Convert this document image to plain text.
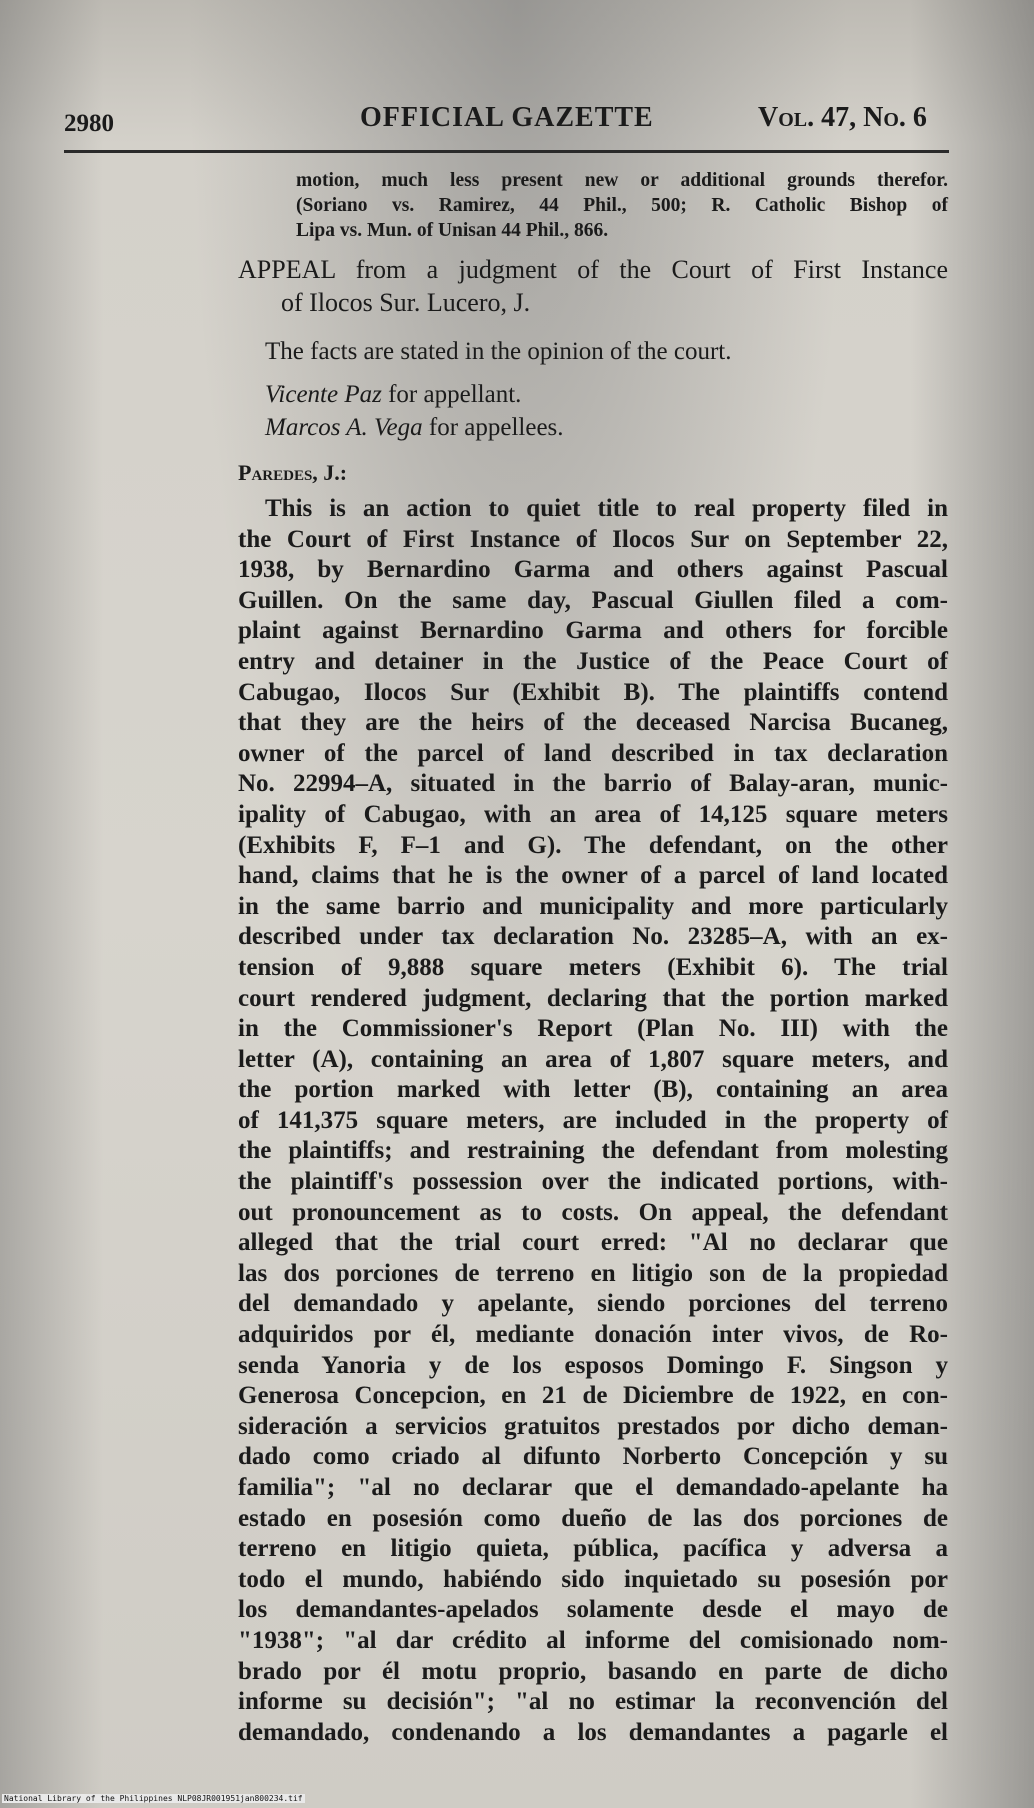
2980	OFFICIAL GAZETTE	Vol. 47, No. 6
motion, much less present new or additional grounds therefor.
(Soriano vs. Ramirez, 44 Phil., 500; R. Catholic Bishop of
Lipa vs. Mun. of Unisan 44 Phil., 866.
APPEAL from a judgment of the Court of First Instance
of Ilocos Sur. Lucero, J.
The facts are stated in the opinion of the court.
Vicente Paz for appellant.
Marcos A. Vega for appellees.
Paredes, J.:
This is an action to quiet title to real property filed in
the Court of First Instance of Ilocos Sur on September 22,
1938, by Bernardino Garma and others against Pascual
Guillen. On the same day, Pascual Giullen filed a com-
plaint against Bernardino Garma and others for forcible
entry and detainer in the Justice of the Peace Court of
Cabugao, Ilocos Sur (Exhibit B). The plaintiffs contend
that they are the heirs of the deceased Narcisa Bucaneg,
owner of the parcel of land described in tax declaration
No. 22994–A, situated in the barrio of Balay-aran, munic-
ipality of Cabugao, with an area of 14,125 square meters
(Exhibits F, F–1 and G). The defendant, on the other
hand, claims that he is the owner of a parcel of land located
in the same barrio and municipality and more particularly
described under tax declaration No. 23285–A, with an ex-
tension of 9,888 square meters (Exhibit 6). The trial
court rendered judgment, declaring that the portion marked
in the Commissioner's Report (Plan No. III) with the
letter (A), containing an area of 1,807 square meters, and
the portion marked with letter (B), containing an area
of 141,375 square meters, are included in the property of
the plaintiffs; and restraining the defendant from molesting
the plaintiff's possession over the indicated portions, with-
out pronouncement as to costs. On appeal, the defendant
alleged that the trial court erred: "Al no declarar que
las dos porciones de terreno en litigio son de la propiedad
del demandado y apelante, siendo porciones del terreno
adquiridos por él, mediante donación inter vivos, de Ro-
senda Yanoria y de los esposos Domingo F. Singson y
Generosa Concepcion, en 21 de Diciembre de 1922, en con-
sideración a servicios gratuitos prestados por dicho deman-
dado como criado al difunto Norberto Concepción y su
familia"; "al no declarar que el demandado-apelante ha
estado en posesión como dueño de las dos porciones de
terreno en litigio quieta, pública, pacífica y adversa a
todo el mundo, habiéndo sido inquietado su posesión por
los demandantes-apelados solamente desde el mayo de
"1938"; "al dar crédito al informe del comisionado nom-
brado por él motu proprio, basando en parte de dicho
informe su decisión"; "al no estimar la reconvención del
demandado, condenando a los demandantes a pagarle el
National Library of the Philippines NLP08JR001951jan800234.tif
